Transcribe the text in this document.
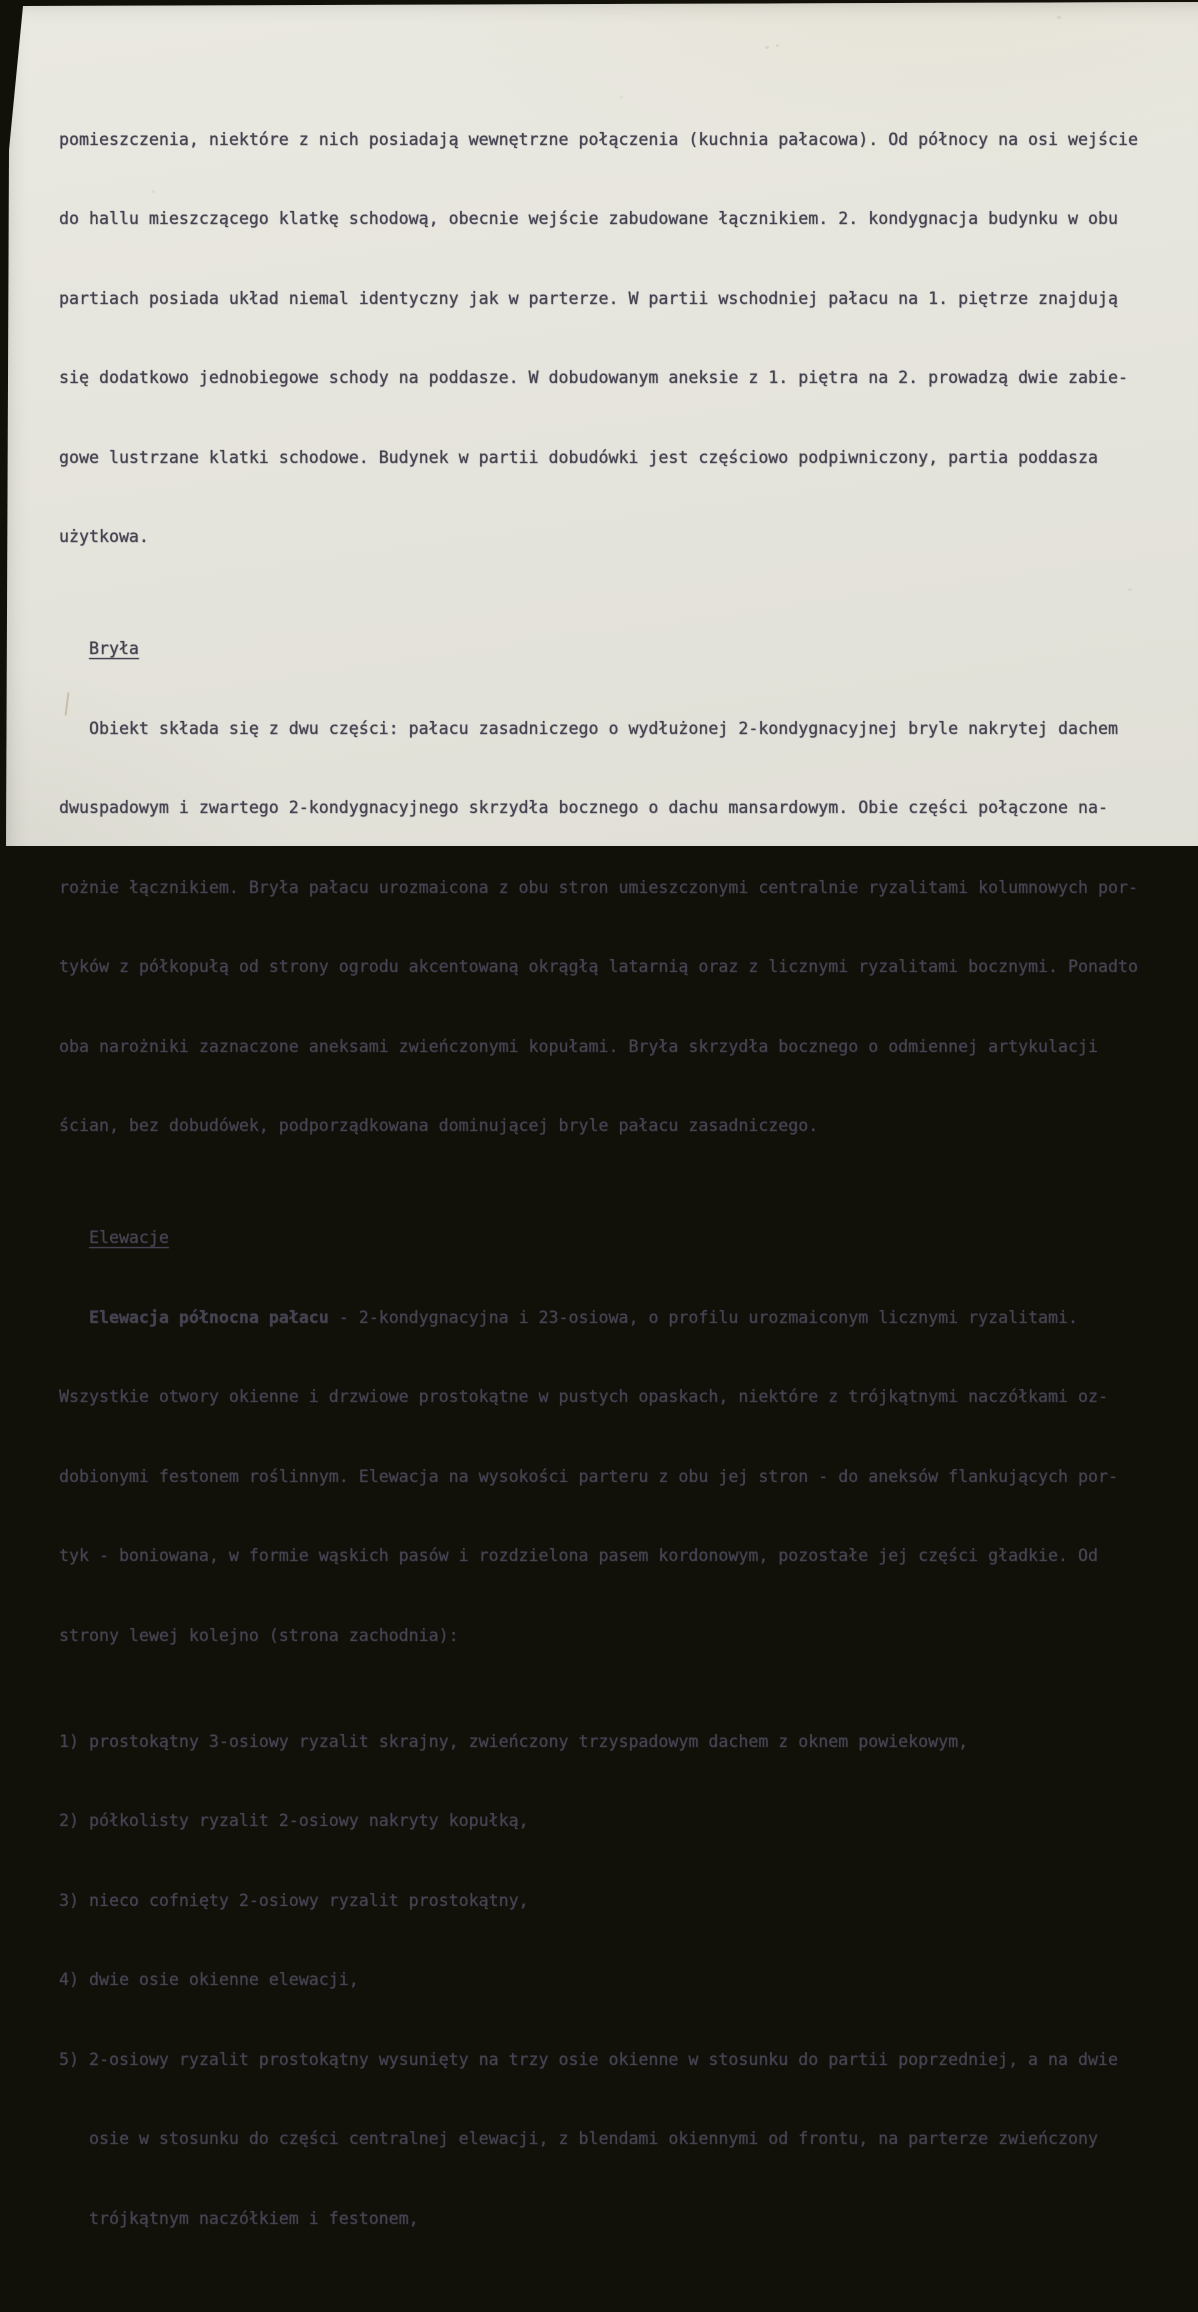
pomieszczenia, niektóre z nich posiadają wewnętrzne połączenia (kuchnia pałacowa). Od północy na osi wejście

do hallu mieszczącego klatkę schodową, obecnie wejście zabudowane łącznikiem. 2. kondygnacja budynku w obu

partiach posiada układ niemal identyczny jak w parterze. W partii wschodniej pałacu na 1. piętrze znajdują

się dodatkowo jednobiegowe schody na poddasze. W dobudowanym aneksie z 1. piętra na 2. prowadzą dwie zabie-

gowe lustrzane klatki schodowe. Budynek w partii dobudówki jest częściowo podpiwniczony, partia poddasza

użytkowa.

Bryła

Obiekt składa się z dwu części: pałacu zasadniczego o wydłużonej 2-kondygnacyjnej bryle nakrytej dachem

dwuspadowym i zwartego 2-kondygnacyjnego skrzydła bocznego o dachu mansardowym. Obie części połączone na-

rożnie łącznikiem. Bryła pałacu urozmaicona z obu stron umieszczonymi centralnie ryzalitami kolumnowych por-

tyków z półkopułą od strony ogrodu akcentowaną okrągłą latarnią oraz z licznymi ryzalitami bocznymi. Ponadto

oba narożniki zaznaczone aneksami zwieńczonymi kopułami. Bryła skrzydła bocznego o odmiennej artykulacji

ścian, bez dobudówek, podporządkowana dominującej bryle pałacu zasadniczego.

Elewacje

Elewacja północna pałacu - 2-kondygnacyjna i 23-osiowa, o profilu urozmaiconym licznymi ryzalitami.

Wszystkie otwory okienne i drzwiowe prostokątne w pustych opaskach, niektóre z trójkątnymi naczółkami oz-

dobionymi festonem roślinnym. Elewacja na wysokości parteru z obu jej stron - do aneksów flankujących por-

tyk - boniowana, w formie wąskich pasów i rozdzielona pasem kordonowym, pozostałe jej części gładkie. Od

strony lewej kolejno (strona zachodnia):

1) prostokątny 3-osiowy ryzalit skrajny, zwieńczony trzyspadowym dachem z oknem powiekowym,

2) półkolisty ryzalit 2-osiowy nakryty kopułką,

3) nieco cofnięty 2-osiowy ryzalit prostokątny,

4) dwie osie okienne elewacji,

5) 2-osiowy ryzalit prostokątny wysunięty na trzy osie okienne w stosunku do partii poprzedniej, a na dwie

osie w stosunku do części centralnej elewacji, z blendami okiennymi od frontu, na parterze zwieńczony

trójkątnym naczółkiem i festonem,
